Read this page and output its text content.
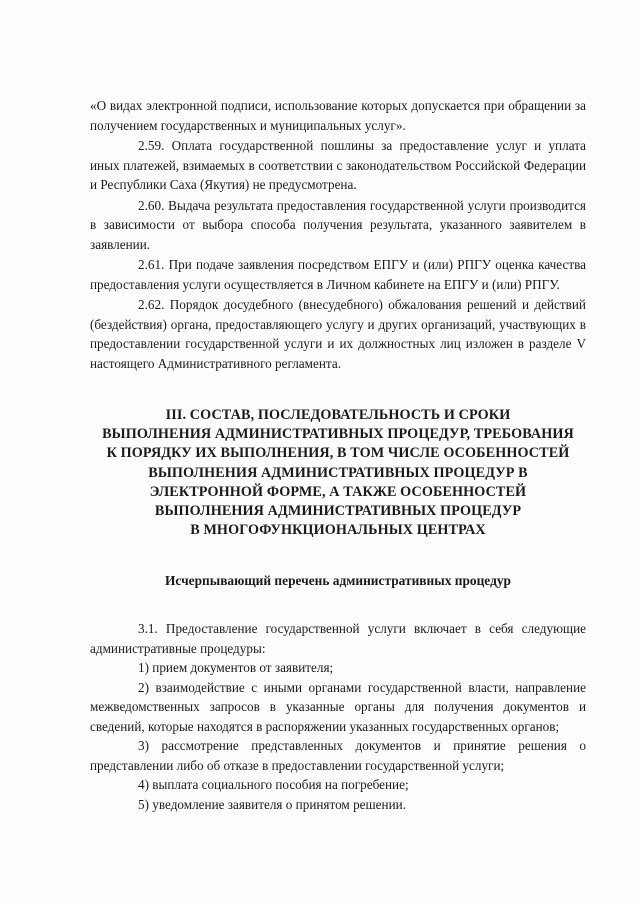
«О видах электронной подписи, использование которых допускается при обращении за получением государственных и муниципальных услуг».

2.59. Оплата государственной пошлины за предоставление услуг и уплата иных платежей, взимаемых в соответствии с законодательством Российской Федерации и Республики Саха (Якутия) не предусмотрена.

2.60. Выдача результата предоставления государственной услуги производится в зависимости от выбора способа получения результата, указанного заявителем в заявлении.

2.61. При подаче заявления посредством ЕПГУ и (или) РПГУ оценка качества предоставления услуги осуществляется в Личном кабинете на ЕПГУ и (или) РПГУ.

2.62. Порядок досудебного (внесудебного) обжалования решений и действий (бездействия) органа, предоставляющего услугу и других организаций, участвующих в предоставлении государственной услуги и их должностных лиц изложен в разделе V настоящего Административного регламента.

III. СОСТАВ, ПОСЛЕДОВАТЕЛЬНОСТЬ И СРОКИ
ВЫПОЛНЕНИЯ АДМИНИСТРАТИВНЫХ ПРОЦЕДУР, ТРЕБОВАНИЯ
К ПОРЯДКУ ИХ ВЫПОЛНЕНИЯ, В ТОМ ЧИСЛЕ ОСОБЕННОСТЕЙ
ВЫПОЛНЕНИЯ АДМИНИСТРАТИВНЫХ ПРОЦЕДУР В
ЭЛЕКТРОННОЙ ФОРМЕ, А ТАКЖЕ ОСОБЕННОСТЕЙ
ВЫПОЛНЕНИЯ АДМИНИСТРАТИВНЫХ ПРОЦЕДУР
В МНОГОФУНКЦИОНАЛЬНЫХ ЦЕНТРАХ
Исчерпывающий перечень административных процедур

3.1. Предоставление государственной услуги включает в себя следующие административные процедуры:

1) прием документов от заявителя;

2) взаимодействие с иными органами государственной власти, направление межведомственных запросов в указанные органы для получения документов и сведений, которые находятся в распоряжении указанных государственных органов;

3) рассмотрение представленных документов и принятие решения о представлении либо об отказе в предоставлении государственной услуги;

4) выплата социального пособия на погребение;

5) уведомление заявителя о принятом решении.
